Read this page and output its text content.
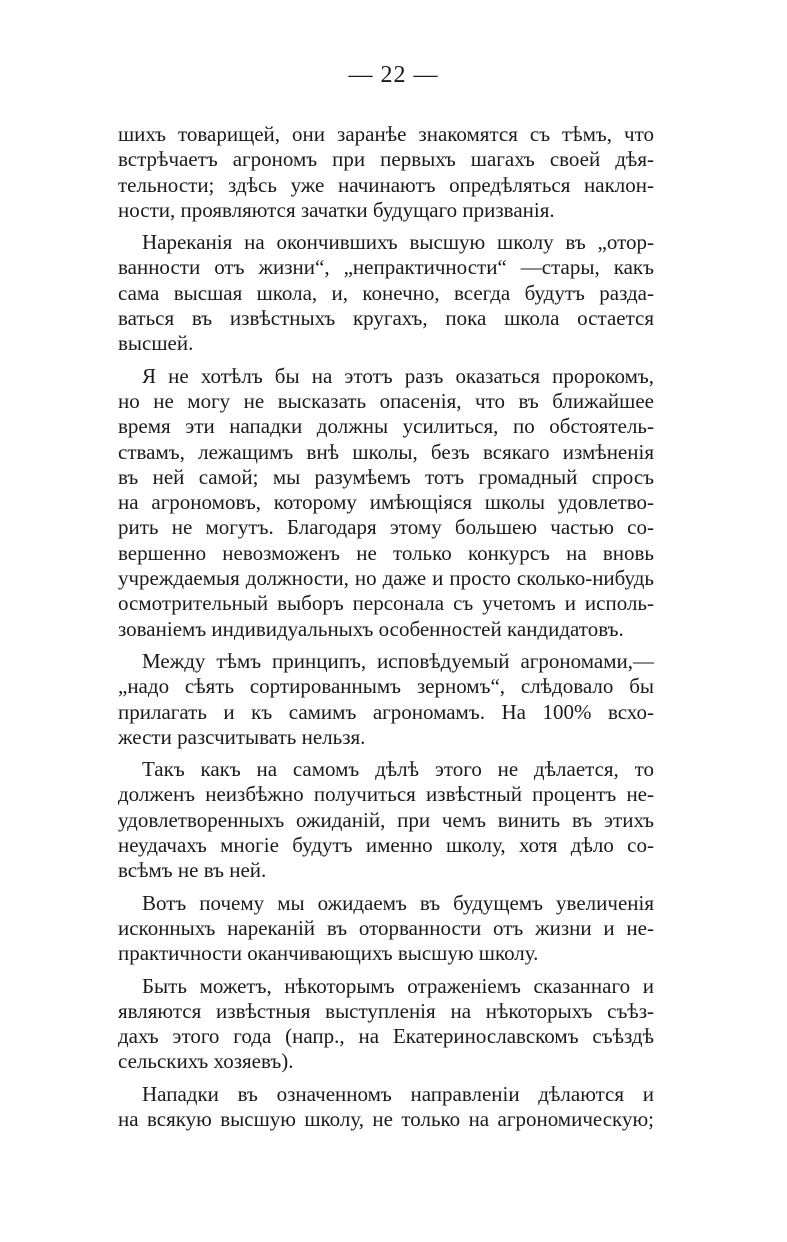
— 22 —
шихъ товарищей, они заранѣе знакомятся съ тѣмъ, что
встрѣчаетъ агрономъ при первыхъ шагахъ своей дѣя-
тельности; здѣсь уже начинаютъ опредѣляться наклон-
ности, проявляются зачатки будущаго призванія.
Нареканія на окончившихъ высшую школу въ „отор-
ванности отъ жизни“, „непрактичности“ —стары, какъ
сама высшая школа, и, конечно, всегда будутъ разда-
ваться въ извѣстныхъ кругахъ, пока школа остается
высшей.
Я не хотѣлъ бы на этотъ разъ оказаться пророкомъ,
но не могу не высказать опасенія, что въ ближайшее
время эти нападки должны усилиться, по обстоятель-
ствамъ, лежащимъ внѣ школы, безъ всякаго измѣненія
въ ней самой; мы разумѣемъ тотъ громадный спросъ
на агрономовъ, которому имѣющіяся школы удовлетво-
рить не могутъ. Благодаря этому большею частью со-
вершенно невозможенъ не только конкурсъ на вновь
учреждаемыя должности, но даже и просто сколько-нибудь
осмотрительный выборъ персонала съ учетомъ и исполь-
зованіемъ индивидуальныхъ особенностей кандидатовъ.
Между тѣмъ принципъ, исповѣдуемый агрономами,—
„надо сѣять сортированнымъ зерномъ“, слѣдовало бы
прилагать и къ самимъ агрономамъ. На 100% всхо-
жести разсчитывать нельзя.
Такъ какъ на самомъ дѣлѣ этого не дѣлается, то
долженъ неизбѣжно получиться извѣстный процентъ не-
удовлетворенныхъ ожиданій, при чемъ винить въ этихъ
неудачахъ многіе будутъ именно школу, хотя дѣло со-
всѣмъ не въ ней.
Вотъ почему мы ожидаемъ въ будущемъ увеличенія
исконныхъ нареканій въ оторванности отъ жизни и не-
практичности оканчивающихъ высшую школу.
Быть можетъ, нѣкоторымъ отраженіемъ сказаннаго и
являются извѣстныя выступленія на нѣкоторыхъ съѣз-
дахъ этого года (напр., на Екатеринославскомъ съѣздѣ
сельскихъ хозяевъ).
Нападки въ означенномъ направленіи дѣлаются и
на всякую высшую школу, не только на агрономическую;
